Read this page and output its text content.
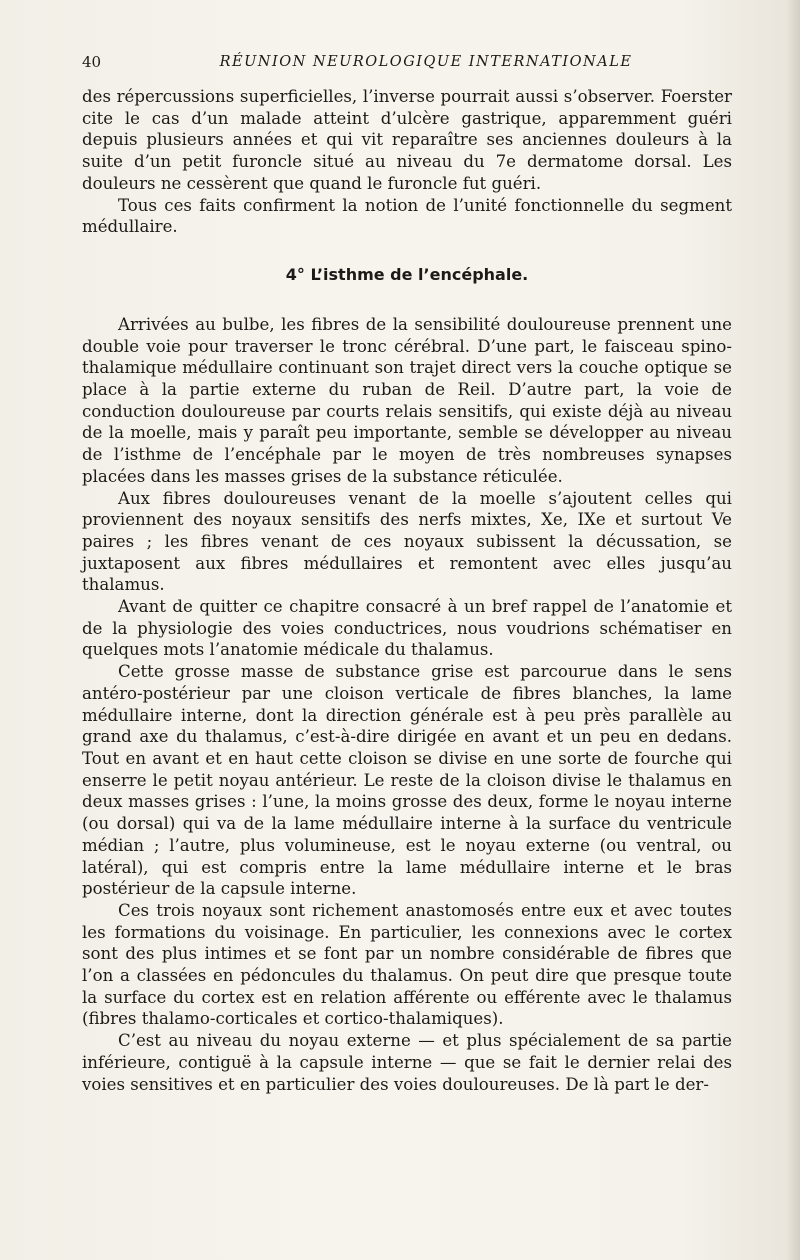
40	RÉUNION NEUROLOGIQUE INTERNATIONALE

des répercussions superficielles, l’inverse pourrait aussi s’observer. Foerster cite le cas d’un malade atteint d’ulcère gastrique, apparemment guéri depuis plusieurs années et qui vit reparaître ses anciennes douleurs à la suite d’un petit furoncle situé au niveau du 7e dermatome dorsal. Les douleurs ne cessèrent que quand le furoncle fut guéri.

Tous ces faits confirment la notion de l’unité fonctionnelle du segment médullaire.

4° L’isthme de l’encéphale.

Arrivées au bulbe, les fibres de la sensibilité douloureuse prennent une double voie pour traverser le tronc cérébral. D’une part, le faisceau spino-thalamique médullaire continuant son trajet direct vers la couche optique se place à la partie externe du ruban de Reil. D’autre part, la voie de conduction douloureuse par courts relais sensitifs, qui existe déjà au niveau de la moelle, mais y paraît peu importante, semble se développer au niveau de l’isthme de l’encéphale par le moyen de très nombreuses synapses placées dans les masses grises de la substance réticulée.

Aux fibres douloureuses venant de la moelle s’ajoutent celles qui proviennent des noyaux sensitifs des nerfs mixtes, Xe, IXe et surtout Ve paires ; les fibres venant de ces noyaux subissent la décussation, se juxtaposent aux fibres médullaires et remontent avec elles jusqu’au thalamus.

Avant de quitter ce chapitre consacré à un bref rappel de l’anatomie et de la physiologie des voies conductrices, nous voudrions schématiser en quelques mots l’anatomie médicale du thalamus.

Cette grosse masse de substance grise est parcourue dans le sens antéro-postérieur par une cloison verticale de fibres blanches, la lame médullaire interne, dont la direction générale est à peu près parallèle au grand axe du thalamus, c’est-à-dire dirigée en avant et un peu en dedans. Tout en avant et en haut cette cloison se divise en une sorte de fourche qui enserre le petit noyau antérieur. Le reste de la cloison divise le thalamus en deux masses grises : l’une, la moins grosse des deux, forme le noyau interne (ou dorsal) qui va de la lame médullaire interne à la surface du ventricule médian ; l’autre, plus volumineuse, est le noyau externe (ou ventral, ou latéral), qui est compris entre la lame médullaire interne et le bras postérieur de la capsule interne.

Ces trois noyaux sont richement anastomosés entre eux et avec toutes les formations du voisinage. En particulier, les connexions avec le cortex sont des plus intimes et se font par un nombre considérable de fibres que l’on a classées en pédoncules du thalamus. On peut dire que presque toute la surface du cortex est en relation afférente ou efférente avec le thalamus (fibres thalamo-corticales et cortico-thalamiques).

C’est au niveau du noyau externe — et plus spécialement de sa partie inférieure, contiguë à la capsule interne — que se fait le dernier relai des voies sensitives et en particulier des voies douloureuses. De là part le der-
